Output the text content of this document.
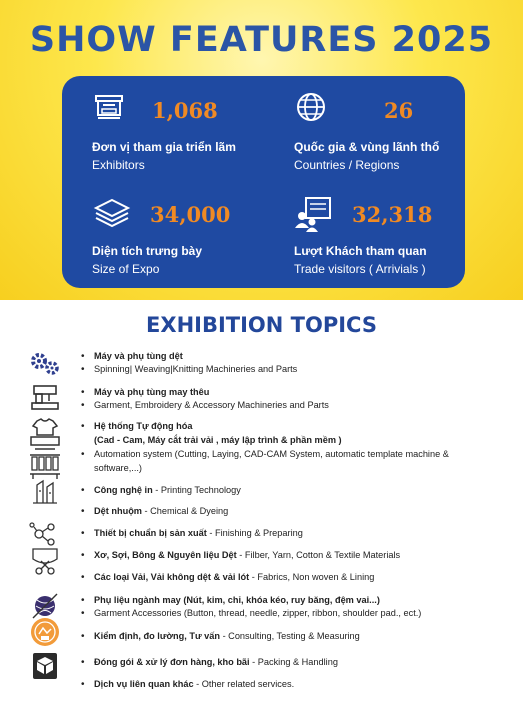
SHOW FEATURES 2025
1,068
Đơn vị tham gia triển lãm
Exhibitors
26
Quốc gia & vùng lãnh thổ
Countries / Regions
34,000
Diện tích trưng bày
Size of Expo
32,318
Lượt Khách tham quan
Trade visitors ( Arrivials )
EXHIBITION TOPICS
• Máy và phụ tùng dệt
• Spinning| Weaving|Knitting Machineries and Parts
• Máy và phụ tùng may thêu
• Garment, Embroidery & Accessory Machineries and Parts
• Hệ thống Tự động hóa
(Cad - Cam, Máy cắt trải vải , máy lập trình & phần mềm )
• Automation system (Cutting, Laying, CAD-CAM System, automatic template machine &
software,...)
• Công nghệ in - Printing Technology
• Dệt nhuộm - Chemical & Dyeing
• Thiết bị chuẩn bị sản xuất - Finishing & Preparing
• Xơ, Sợi, Bông & Nguyên liệu Dệt - Filber, Yarn, Cotton & Textile Materials
• Các loại Vải, Vải không dệt & vải lót - Fabrics, Non woven & Lining
• Phụ liệu ngành may (Nút, kim, chỉ, khóa kéo, ruy băng, đệm vai...)
• Garment Accessories (Button, thread, needle, zipper, ribbon, shoulder pad., ect.)
• Kiểm định, đo lường, Tư vấn - Consulting, Testing & Measuring
• Đóng gói & xử lý đơn hàng, kho bãi - Packing & Handling
• Dịch vụ liên quan khác - Other related services.
